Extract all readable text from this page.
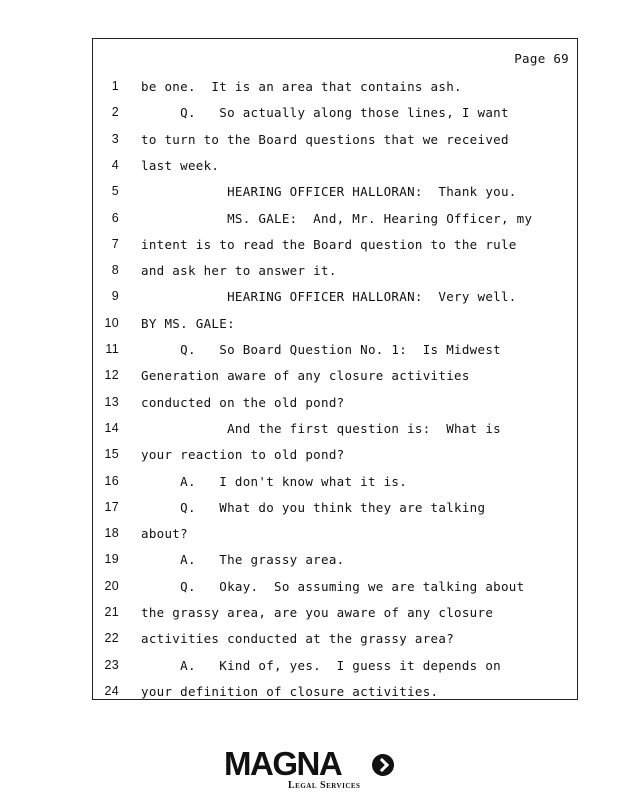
Page 69
1 be one.  It is an area that contains ash.
2 Q.   So actually along those lines, I want
3 to turn to the Board questions that we received
4 last week.
5 HEARING OFFICER HALLORAN:  Thank you.
6 MS. GALE:  And, Mr. Hearing Officer, my
7 intent is to read the Board question to the rule
8 and ask her to answer it.
9 HEARING OFFICER HALLORAN:  Very well.
10 BY MS. GALE:
11 Q.   So Board Question No. 1:  Is Midwest
12 Generation aware of any closure activities
13 conducted on the old pond?
14 And the first question is:  What is
15 your reaction to old pond?
16 A.   I don't know what it is.
17 Q.   What do you think they are talking
18 about?
19 A.   The grassy area.
20 Q.   Okay.  So assuming we are talking about
21 the grassy area, are you aware of any closure
22 activities conducted at the grassy area?
23 A.   Kind of, yes.  I guess it depends on
24 your definition of closure activities.
MAGNA
Legal Services
